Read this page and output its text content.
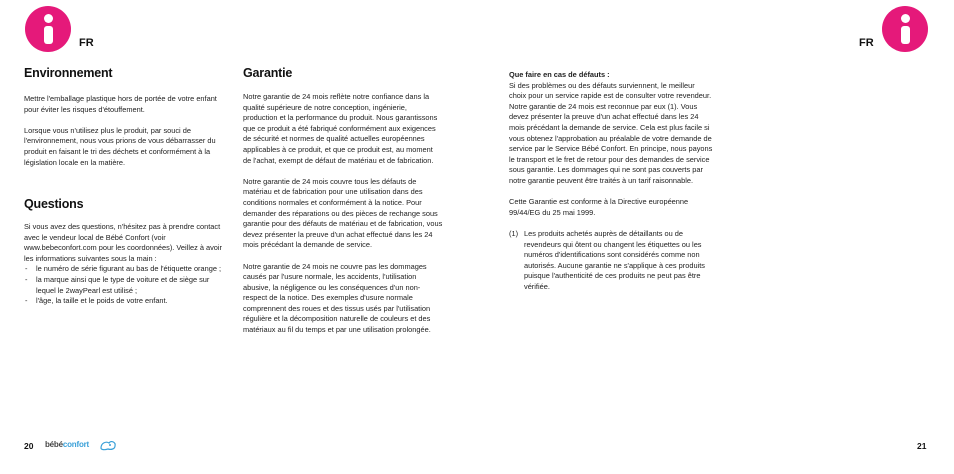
FR	FR
Environnement

Mettre l'emballage plastique hors de portée de votre enfant pour éviter les risques d'étouffement.

Lorsque vous n'utilisez plus le produit, par souci de l'environnement, nous vous prions de vous débarrasser du produit en faisant le tri des déchets et conformément à la législation locale en la matière.

Questions

Si vous avez des questions, n'hésitez pas à prendre contact avec le vendeur local de Bébé Confort (voir www.bebeconfort.com pour les coordonnées). Veillez à avoir les informations suivantes sous la main :

- le numéro de série figurant au bas de l'étiquette orange ;
- la marque ainsi que le type de voiture et de siège sur lequel le 2wayPearl est utilisé ;
- l'âge, la taille et le poids de votre enfant.
Garantie

Notre garantie de 24 mois reflète notre confiance dans la qualité supérieure de notre conception, ingénierie, production et la performance du produit. Nous garantissons que ce produit a été fabriqué conformément aux exigences de sécurité et normes de qualité actuelles européennes applicables à ce produit, et que ce produit est, au moment de l'achat, exempt de défaut de matériau et de fabrication.

Notre garantie de 24 mois couvre tous les défauts de matériau et de fabrication pour une utilisation dans des conditions normales et conformément à la notice. Pour demander des réparations ou des pièces de rechange sous garantie pour des défauts de matériau et de fabrication, vous devez présenter la preuve d'un achat effectué dans les 24 mois précédant la demande de service.

Notre garantie de 24 mois ne couvre pas les dommages causés par l'usure normale, les accidents, l'utilisation abusive, la négligence ou les conséquences d'un non-respect de la notice. Des exemples d'usure normale comprennent des roues et des tissus usés par l'utilisation régulière et la décomposition naturelle de couleurs et des matériaux au fil du temps et par une utilisation prolongée.

Que faire en cas de défauts :

Si des problèmes ou des défauts surviennent, le meilleur choix pour un service rapide est de consulter votre revendeur. Notre garantie de 24 mois est reconnue par eux (1). Vous devez présenter la preuve d'un achat effectué dans les 24 mois précédant la demande de service. Cela est plus facile si vous obtenez l'approbation au préalable de votre demande de service par le Service Bébé Confort. En principe, nous payons le transport et le fret de retour pour des demandes de service sous garantie. Les dommages qui ne sont pas couverts par notre garantie peuvent être traités à un tarif raisonnable.

Cette Garantie est conforme à la Directive européenne 99/44/EG du 25 mai 1999.

(1) Les produits achetés auprès de détaillants ou de revendeurs qui ôtent ou changent les étiquettes ou les numéros d'identifications sont considérés comme non autorisés. Aucune garantie ne s'applique à ces produits puisque l'authenticité de ces produits ne peut pas être vérifiée.
20 bébéconfort	21
